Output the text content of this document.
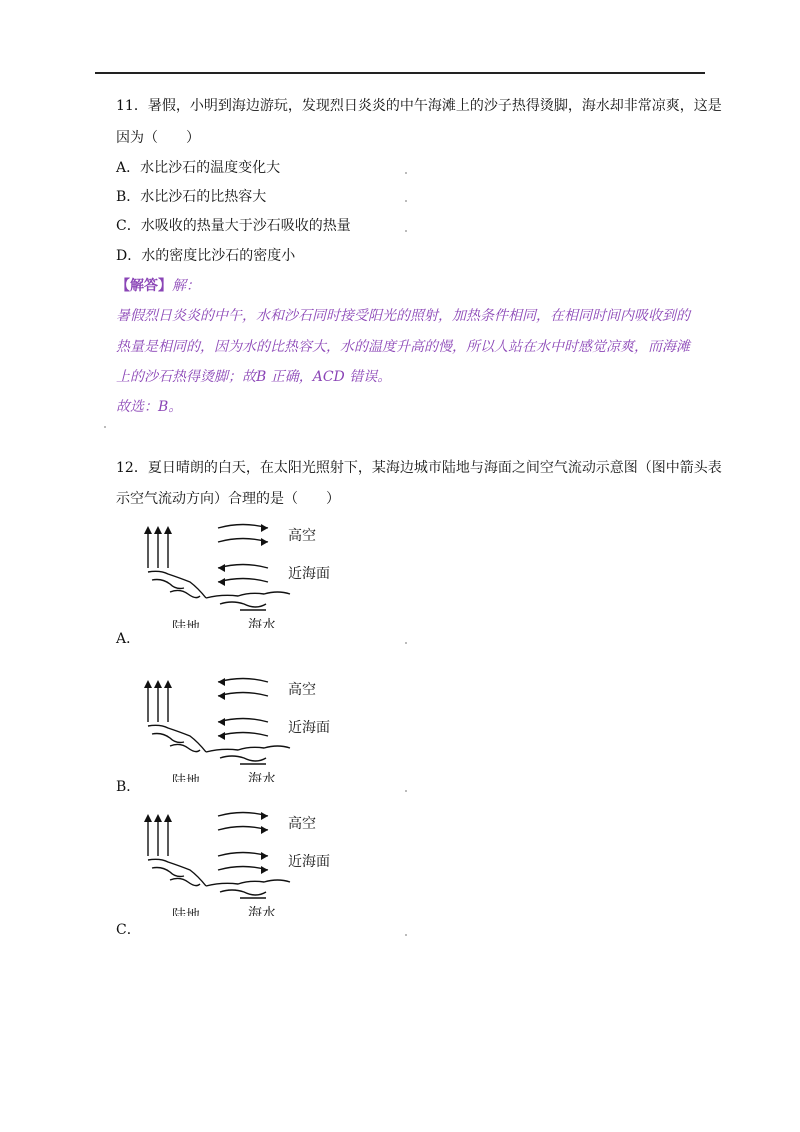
11．暑假，小明到海边游玩，发现烈日炎炎的中午海滩上的沙子热得烫脚，海水却非常凉爽，这是
因为（　　）
A．水比沙石的温度变化大
B．水比沙石的比热容大
C．水吸收的热量大于沙石吸收的热量
D．水的密度比沙石的密度小
【解答】解：
暑假烈日炎炎的中午，水和沙石同时接受阳光的照射，加热条件相同，在相同时间内吸收到的
热量是相同的，因为水的比热容大，水的温度升高的慢，所以人站在水中时感觉凉爽，而海滩
上的沙石热得烫脚；故B 正确，ACD 错误。
故选：B。
12．夏日晴朗的白天，在太阳光照射下，某海边城市陆地与海面之间空气流动示意图（图中箭头表
示空气流动方向）合理的是（　　）
高空
近海面
陆地	海水
A．
高空
近海面
陆地	海水
B．
高空
近海面
陆地	海水
C．
